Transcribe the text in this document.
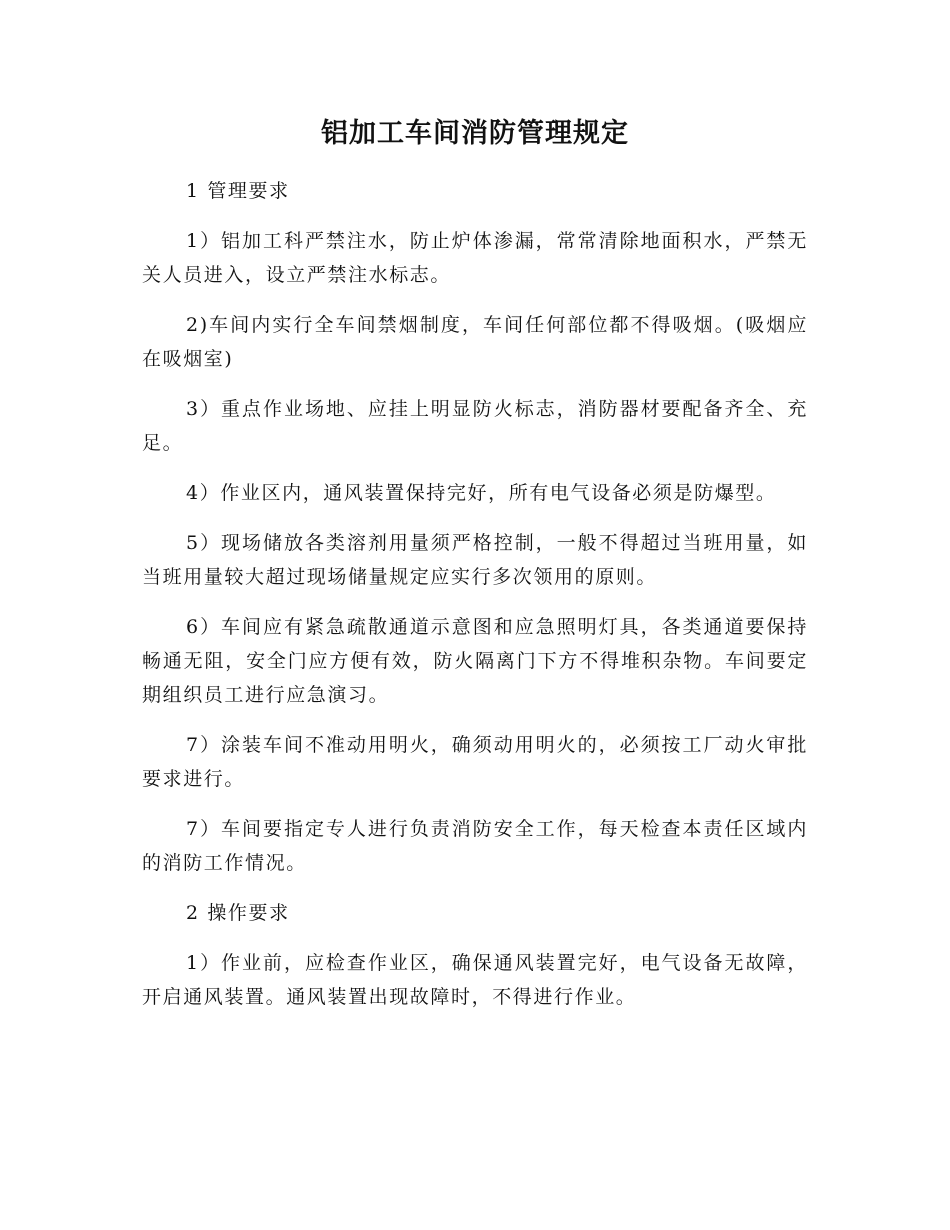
铝加工车间消防管理规定

1 管理要求

1）铝加工科严禁注水，防止炉体渗漏，常常清除地面积水，严禁无关人员进入，设立严禁注水标志。

2)车间内实行全车间禁烟制度，车间任何部位都不得吸烟。(吸烟应在吸烟室)

3）重点作业场地、应挂上明显防火标志，消防器材要配备齐全、充足。

4）作业区内，通风装置保持完好，所有电气设备必须是防爆型。

5）现场储放各类溶剂用量须严格控制，一般不得超过当班用量，如当班用量较大超过现场储量规定应实行多次领用的原则。

6）车间应有紧急疏散通道示意图和应急照明灯具，各类通道要保持畅通无阻，安全门应方便有效，防火隔离门下方不得堆积杂物。车间要定期组织员工进行应急演习。

7）涂装车间不准动用明火，确须动用明火的，必须按工厂动火审批要求进行。

7）车间要指定专人进行负责消防安全工作，每天检查本责任区域内的消防工作情况。

2 操作要求

1）作业前，应检查作业区，确保通风装置完好，电气设备无故障，开启通风装置。通风装置出现故障时，不得进行作业。
